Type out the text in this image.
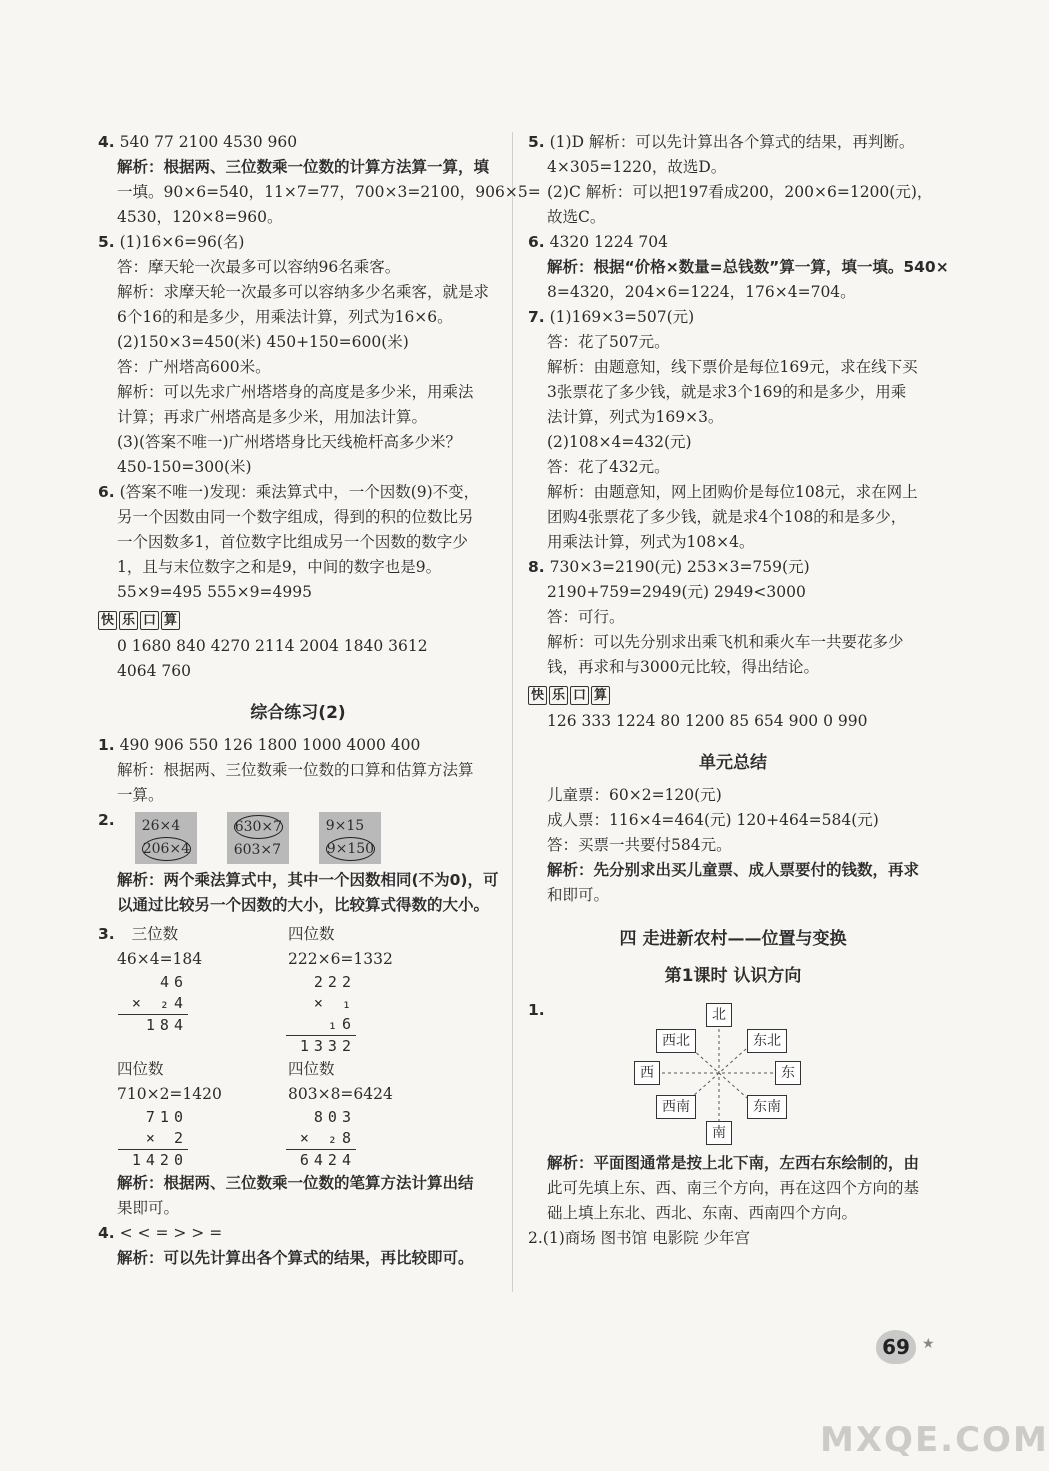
4. 540 77 2100 4530 960
解析：根据两、三位数乘一位数的计算方法算一算，填
一填。90×6=540，11×7=77，700×3=2100，906×5=
4530，120×8=960。
5. (1)16×6=96(名)
答：摩天轮一次最多可以容纳96名乘客。
解析：求摩天轮一次最多可以容纳多少名乘客，就是求
6个16的和是多少，用乘法计算，列式为16×6。
(2)150×3=450(米) 450+150=600(米)
答：广州塔高600米。
解析：可以先求广州塔塔身的高度是多少米，用乘法
计算；再求广州塔高是多少米，用加法计算。
(3)(答案不唯一)广州塔塔身比天线桅杆高多少米？
450-150=300(米)
6. (答案不唯一)发现：乘法算式中，一个因数(9)不变，
另一个因数由同一个数字组成，得到的积的位数比另
一个因数多1，首位数字比组成另一个因数的数字少
1，且与末位数字之和是9，中间的数字也是9。
55×9=495 555×9=4995
快 乐 口 算
0 1680 840 4270 2114 2004 1840 3612
4064 760
综合练习(2)
1. 490 906 550 126 1800 1000 4000 400
解析：根据两、三位数乘一位数的口算和估算方法算
一算。
2. 26×4
206×4
630×7
603×7
9×15
9×150
解析：两个乘法算式中，其中一个因数相同(不为0)，可
以通过比较另一个因数的大小，比较算式得数的大小。
3. 三位数
46×4=184
46
× ₂4
184
四位数
222×6=1332
222
× ₁ ₁6
1332
四位数
710×2=1420
710
× 2
1420
四位数
803×8=6424
803
× ₂8
6424
解析：根据两、三位数乘一位数的笔算方法计算出结
果即可。
4. < < = > > =
解析：可以先计算出各个算式的结果，再比较即可。
5. (1)D 解析：可以先计算出各个算式的结果，再判断。
4×305=1220，故选D。
(2)C 解析：可以把197看成200，200×6=1200(元)，
故选C。
6. 4320 1224 704
解析：根据“价格×数量=总钱数”算一算，填一填。540×
8=4320，204×6=1224，176×4=704。
7. (1)169×3=507(元)
答：花了507元。
解析：由题意知，线下票价是每位169元，求在线下买
3张票花了多少钱，就是求3个169的和是多少，用乘
法计算，列式为169×3。
(2)108×4=432(元)
答：花了432元。
解析：由题意知，网上团购价是每位108元，求在网上
团购4张票花了多少钱，就是求4个108的和是多少，
用乘法计算，列式为108×4。
8. 730×3=2190(元) 253×3=759(元)
2190+759=2949(元) 2949<3000
答：可行。
解析：可以先分别求出乘飞机和乘火车一共要花多少
钱，再求和与3000元比较，得出结论。
快 乐 口 算
126 333 1224 80 1200 85 654 900 0 990
单元总结
儿童票：60×2=120(元)
成人票：116×4=464(元) 120+464=584(元)
答：买票一共要付584元。
解析：先分别求出买儿童票、成人票要付的钱数，再求
和即可。
四 走进新农村——位置与变换
第1课时 认识方向
1.	北
西北	东北
西	东
西南	东南
南
解析：平面图通常是按上北下南，左西右东绘制的，由
此可先填上东、西、南三个方向，再在这四个方向的基
础上填上东北、西北、东南、西南四个方向。
2.(1)商场 图书馆 电影院 少年宫
69 ★
MXQE.COM
